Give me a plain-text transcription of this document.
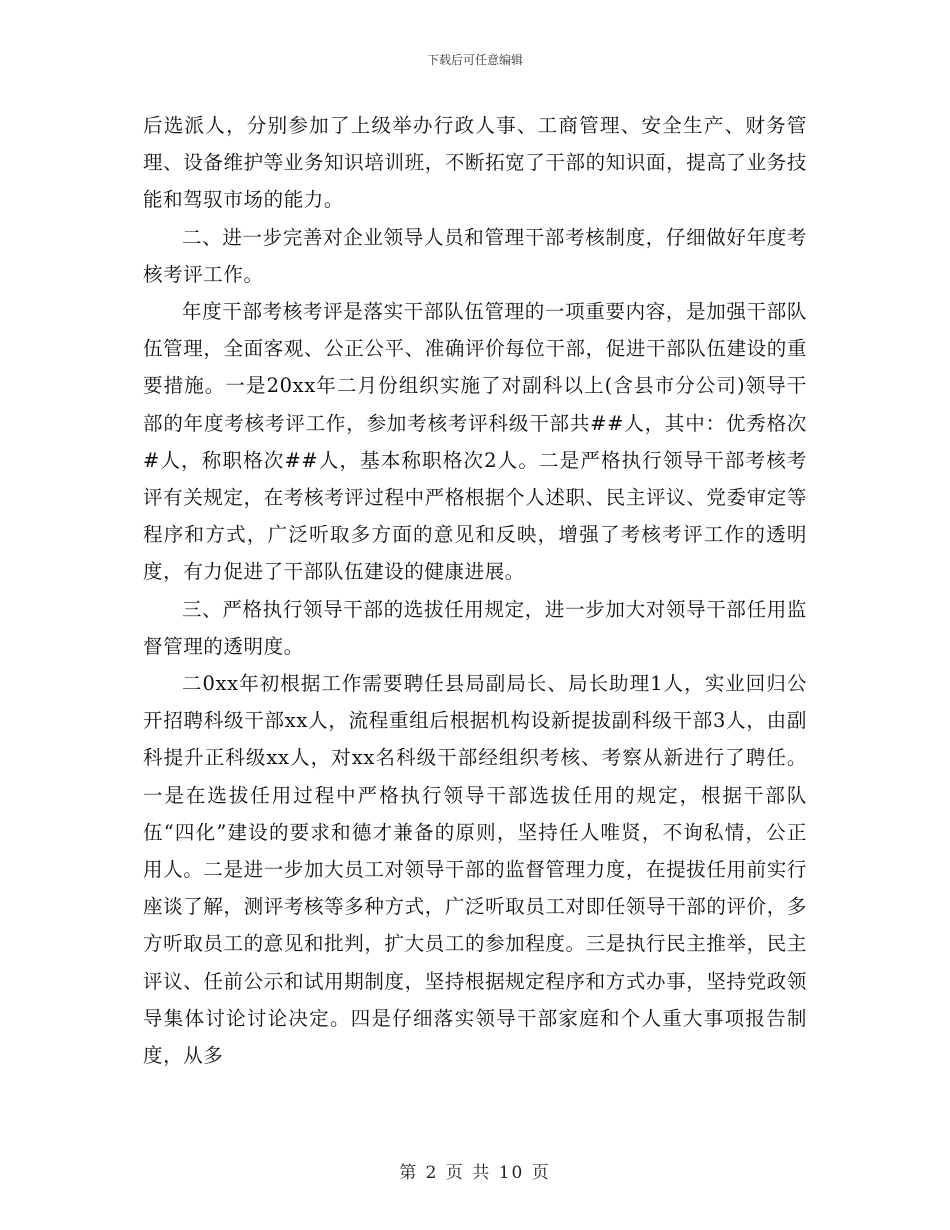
下载后可任意编辑

后选派人，分别参加了上级举办行政人事、工商管理、安全生产、财务管理、设备维护等业务知识培训班，不断拓宽了干部的知识面，提高了业务技能和驾驭市场的能力。

二、进一步完善对企业领导人员和管理干部考核制度，仔细做好年度考核考评工作。

年度干部考核考评是落实干部队伍管理的一项重要内容，是加强干部队伍管理，全面客观、公正公平、准确评价每位干部，促进干部队伍建设的重要措施。一是20xx年二月份组织实施了对副科以上(含县市分公司)领导干部的年度考核考评工作，参加考核考评科级干部共##人，其中：优秀格次#人，称职格次##人，基本称职格次2人。二是严格执行领导干部考核考评有关规定，在考核考评过程中严格根据个人述职、民主评议、党委审定等程序和方式，广泛听取多方面的意见和反映，增强了考核考评工作的透明度，有力促进了干部队伍建设的健康进展。

三、严格执行领导干部的选拔任用规定，进一步加大对领导干部任用监督管理的透明度。

二0xx年初根据工作需要聘任县局副局长、局长助理1人，实业回归公开招聘科级干部xx人，流程重组后根据机构设新提拔副科级干部3人，由副科提升正科级xx人，对xx名科级干部经组织考核、考察从新进行了聘任。一是在选拔任用过程中严格执行领导干部选拔任用的规定，根据干部队伍“四化”建设的要求和德才兼备的原则，坚持任人唯贤，不询私情，公正用人。二是进一步加大员工对领导干部的监督管理力度，在提拔任用前实行座谈了解，测评考核等多种方式，广泛听取员工对即任领导干部的评价，多方听取员工的意见和批判，扩大员工的参加程度。三是执行民主推举，民主评议、任前公示和试用期制度，坚持根据规定程序和方式办事，坚持党政领导集体讨论讨论决定。四是仔细落实领导干部家庭和个人重大事项报告制度，从多

第 2 页 共 10 页
